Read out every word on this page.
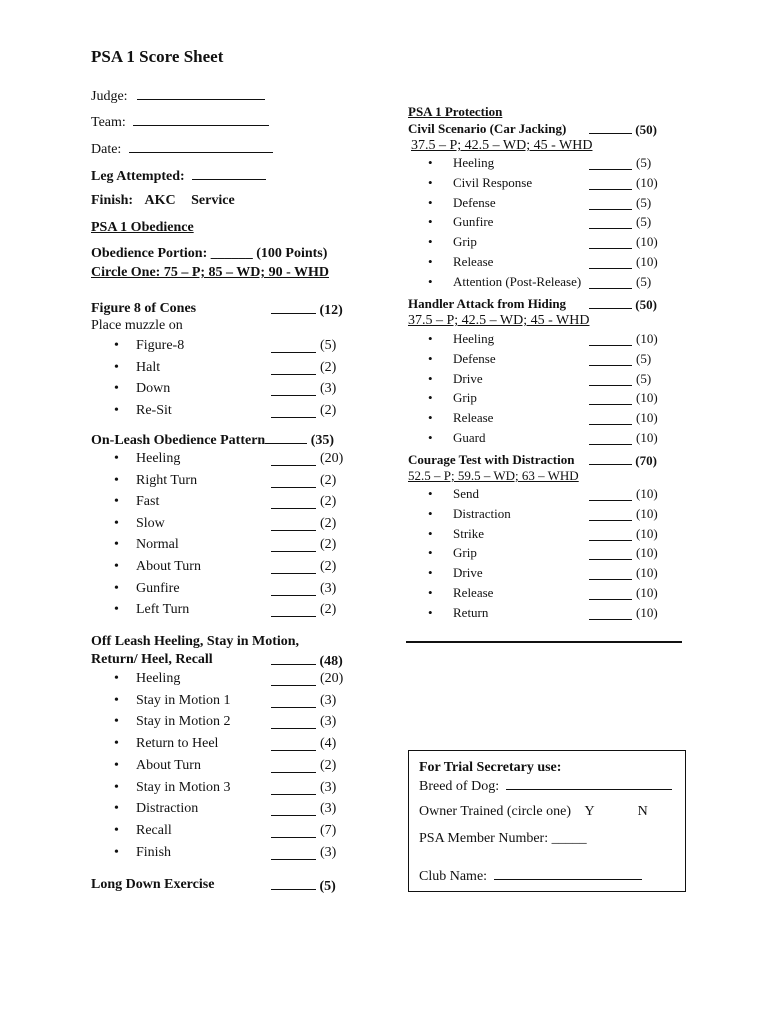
PSA 1 Score Sheet
Judge:
Team:
Date:
Leg Attempted:
Finish: AKC Service
PSA 1 Obedience
Obedience Portion: ______ (100 Points)
Circle One: 75 – P; 85 – WD; 90 - WHD
Figure 8 of Cones	(12)
Place muzzle on
• Figure-8	(5)
• Halt	(2)
• Down	(3)
• Re-Sit	(2)
On-Leash Obedience Pattern	(35)
• Heeling	(20)
• Right Turn	(2)
• Fast	(2)
• Slow	(2)
• Normal	(2)
• About Turn	(2)
• Gunfire	(3)
• Left Turn	(2)
Off Leash Heeling, Stay in Motion,
Return/ Heel, Recall	(48)
• Heeling	(20)
• Stay in Motion 1	(3)
• Stay in Motion 2	(3)
• Return to Heel	(4)
• About Turn	(2)
• Stay in Motion 3	(3)
• Distraction	(3)
• Recall	(7)
• Finish	(3)
Long Down Exercise	(5)
PSA 1 Protection
Civil Scenario (Car Jacking)	(50)
37.5 – P; 42.5 – WD; 45 - WHD
• Heeling	(5)
• Civil Response	(10)
• Defense	(5)
• Gunfire	(5)
• Grip	(10)
• Release	(10)
• Attention (Post-Release)	(5)
Handler Attack from Hiding	(50)
37.5 – P; 42.5 – WD; 45 - WHD
• Heeling	(10)
• Defense	(5)
• Drive	(5)
• Grip	(10)
• Release	(10)
• Guard	(10)
Courage Test with Distraction	(70)
52.5 – P; 59.5 – WD; 63 – WHD
• Send	(10)
• Distraction	(10)
• Strike	(10)
• Grip	(10)
• Drive	(10)
• Release	(10)
• Return	(10)
For Trial Secretary use:
Breed of Dog:
Owner Trained (circle one) Y	N
PSA Member Number: _____
Club Name:
